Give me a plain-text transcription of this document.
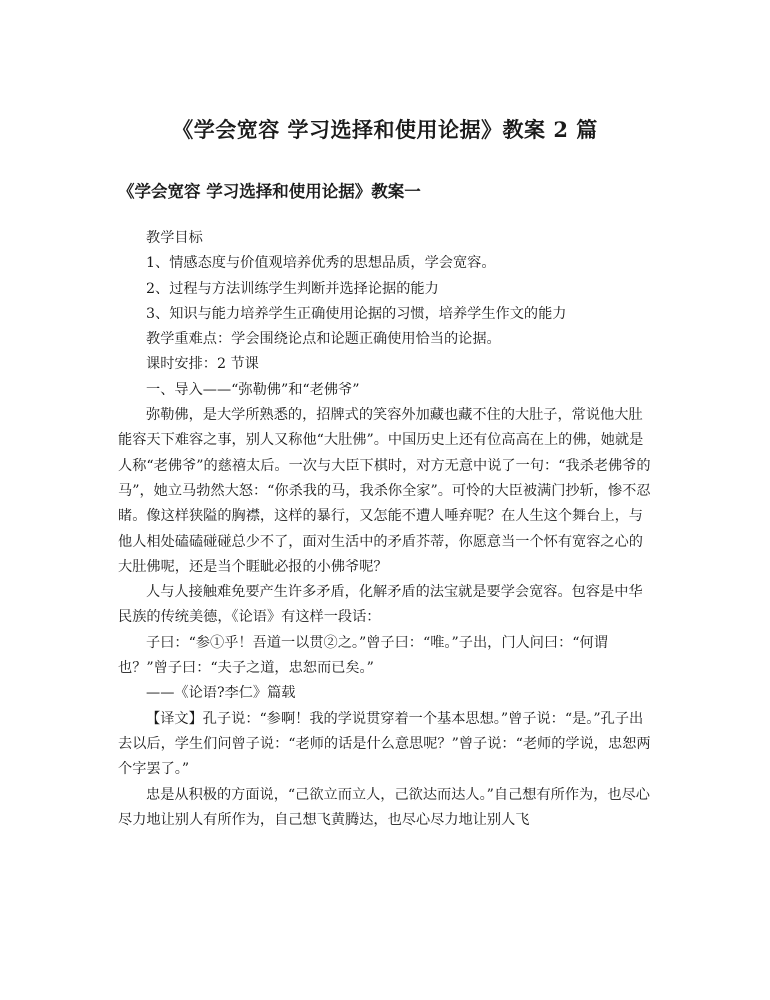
《学会宽容 学习选择和使用论据》教案 2 篇
《学会宽容 学习选择和使用论据》教案一

教学目标

1、情感态度与价值观培养优秀的思想品质，学会宽容。

2、过程与方法训练学生判断并选择论据的能力

3、知识与能力培养学生正确使用论据的习惯，培养学生作文的能力

教学重难点：学会围绕论点和论题正确使用恰当的论据。

课时安排：2 节课

一、导入——“弥勒佛”和“老佛爷”

弥勒佛，是大学所熟悉的，招牌式的笑容外加藏也藏不住的大肚子，常说他大肚能容天下难容之事，别人又称他“大肚佛”。中国历史上还有位高高在上的佛，她就是人称“老佛爷”的慈禧太后。一次与大臣下棋时，对方无意中说了一句：“我杀老佛爷的马”，她立马勃然大怒：“你杀我的马，我杀你全家”。可怜的大臣被满门抄斩，惨不忍睹。像这样狭隘的胸襟，这样的暴行，又怎能不遭人唾弃呢？在人生这个舞台上，与他人相处磕磕碰碰总少不了，面对生活中的矛盾芥蒂，你愿意当一个怀有宽容之心的大肚佛呢，还是当个睚眦必报的小佛爷呢？

人与人接触难免要产生许多矛盾，化解矛盾的法宝就是要学会宽容。包容是中华民族的传统美德，《论语》有这样一段话：

子曰：“参①乎！吾道一以贯②之。”曾子曰：“唯。”子出，门人问曰：“何谓也？”曾子曰：“夫子之道，忠恕而已矣。”

——《论语?李仁》篇载

【译文】孔子说：“参啊！我的学说贯穿着一个基本思想。”曾子说：“是。”孔子出去以后，学生们问曾子说：“老师的话是什么意思呢？”曾子说：“老师的学说，忠恕两个字罢了。”

忠是从积极的方面说，“己欲立而立人，己欲达而达人。”自己想有所作为，也尽心尽力地让别人有所作为，自己想飞黄腾达，也尽心尽力地让别人飞
